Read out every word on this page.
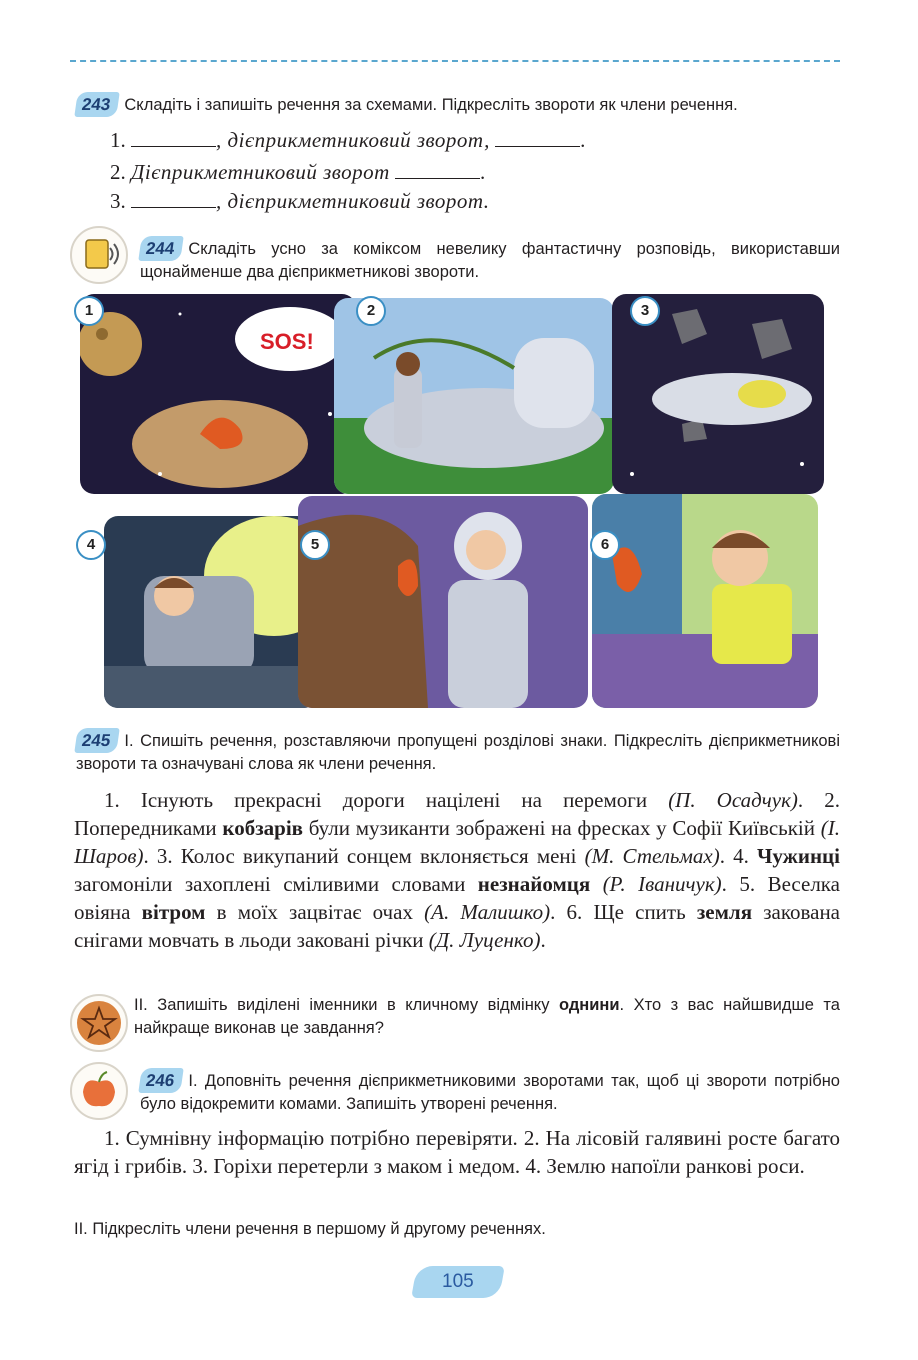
243 Складіть і запишіть речення за схемами. Підкресліть звороти як члени речення.
1.	, дієприкметниковий зворот,	.
2. Дієприкметниковий зворот	.
3.	, дієприкметниковий зворот.
244 Складіть усно за коміксом невелику фантастичну розповідь, використавши щонайменше два дієприкметникові звороти.
SOS!
1	2	3
4	5	6
245 І. Спишіть речення, розставляючи пропущені розділові знаки. Підкресліть дієприкметникові звороти та означувані слова як члени речення.
1. Існують прекрасні дороги націлені на перемоги (П. Осадчук). 2. Попередниками кобзарів були музиканти зображені на фресках у Софії Київській (І. Шаров). 3. Колос викупаний сонцем вклоняється мені (М. Стельмах). 4. Чужинці загомоніли захоплені сміливими словами незнайомця (Р. Іваничук). 5. Веселка овіяна вітром в моїх зацвітає очах (А. Малишко). 6. Ще спить земля закована снігами мовчать в льоди заковані річки (Д. Луценко).
ІІ. Запишіть виділені іменники в кличному відмінку однини. Хто з вас найшвидше та найкраще виконав це завдання?
246 І. Доповніть речення дієприкметниковими зворотами так, щоб ці звороти потрібно було відокремити комами. Запишіть утворені речення.
1. Сумнівну інформацію потрібно перевіряти. 2. На лісовій галявині росте багато ягід і грибів. 3. Горіхи перетерли з маком і медом. 4. Землю напоїли ранкові роси.
ІІ. Підкресліть члени речення в першому й другому реченнях.
105
